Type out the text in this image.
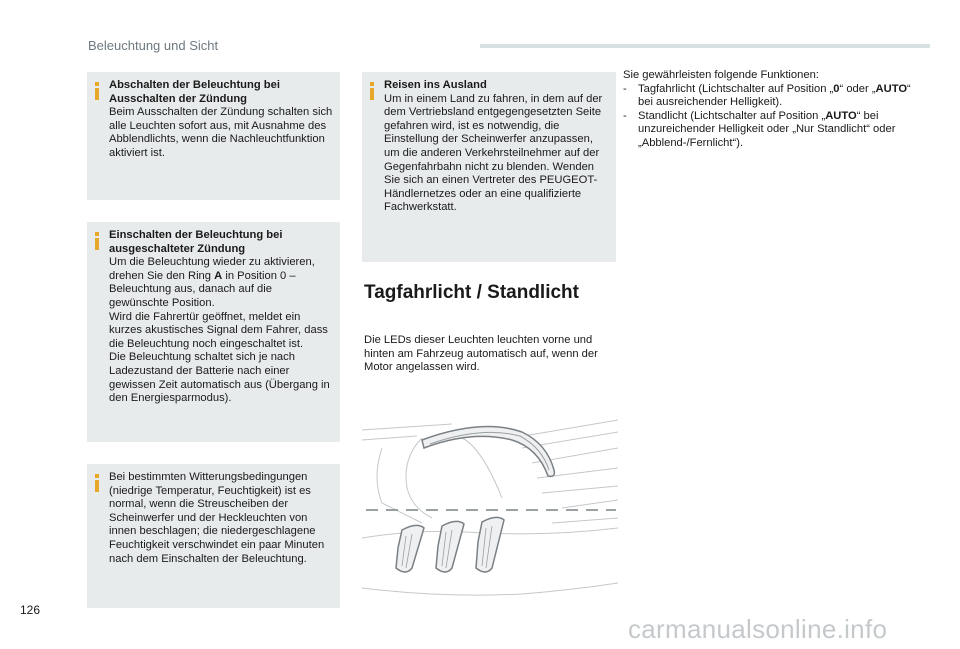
Beleuchtung und Sicht
Abschalten der Beleuchtung bei Ausschalten der Zündung

Beim Ausschalten der Zündung schalten sich alle Leuchten sofort aus, mit Ausnahme des Abblendlichts, wenn die Nachleuchtfunktion aktiviert ist.

Einschalten der Beleuchtung bei ausgeschalteter Zündung

Um die Beleuchtung wieder zu aktivieren, drehen Sie den Ring A in Position 0 – Beleuchtung aus, danach auf die gewünschte Position.

Wird die Fahrertür geöffnet, meldet ein kurzes akustisches Signal dem Fahrer, dass die Beleuchtung noch eingeschaltet ist.

Die Beleuchtung schaltet sich je nach Ladezustand der Batterie nach einer gewissen Zeit automatisch aus (Übergang in den Energiesparmodus).

Bei bestimmten Witterungsbedingungen (niedrige Temperatur, Feuchtigkeit) ist es normal, wenn die Streuscheiben der Scheinwerfer und der Heckleuchten von innen beschlagen; die niedergeschlagene Feuchtigkeit verschwindet ein paar Minuten nach dem Einschalten der Beleuchtung.

Reisen ins Ausland

Um in einem Land zu fahren, in dem auf der dem Vertriebsland entgegengesetzten Seite gefahren wird, ist es notwendig, die Einstellung der Scheinwerfer anzupassen, um die anderen Verkehrsteilnehmer auf der Gegenfahrbahn nicht zu blenden. Wenden Sie sich an einen Vertreter des PEUGEOT-Händlernetzes oder an eine qualifizierte Fachwerkstatt.

Tagfahrlicht / Standlicht
Die LEDs dieser Leuchten leuchten vorne und hinten am Fahrzeug automatisch auf, wenn der Motor angelassen wird.
Sie gewährleisten folgende Funktionen:
- Tagfahrlicht (Lichtschalter auf Position „0“ oder „AUTO“ bei ausreichender Helligkeit).
- Standlicht (Lichtschalter auf Position „AUTO“ bei unzureichender Helligkeit oder „Nur Standlicht“ oder „Abblend-/Fernlicht“).
126
carmanualsonline.info
